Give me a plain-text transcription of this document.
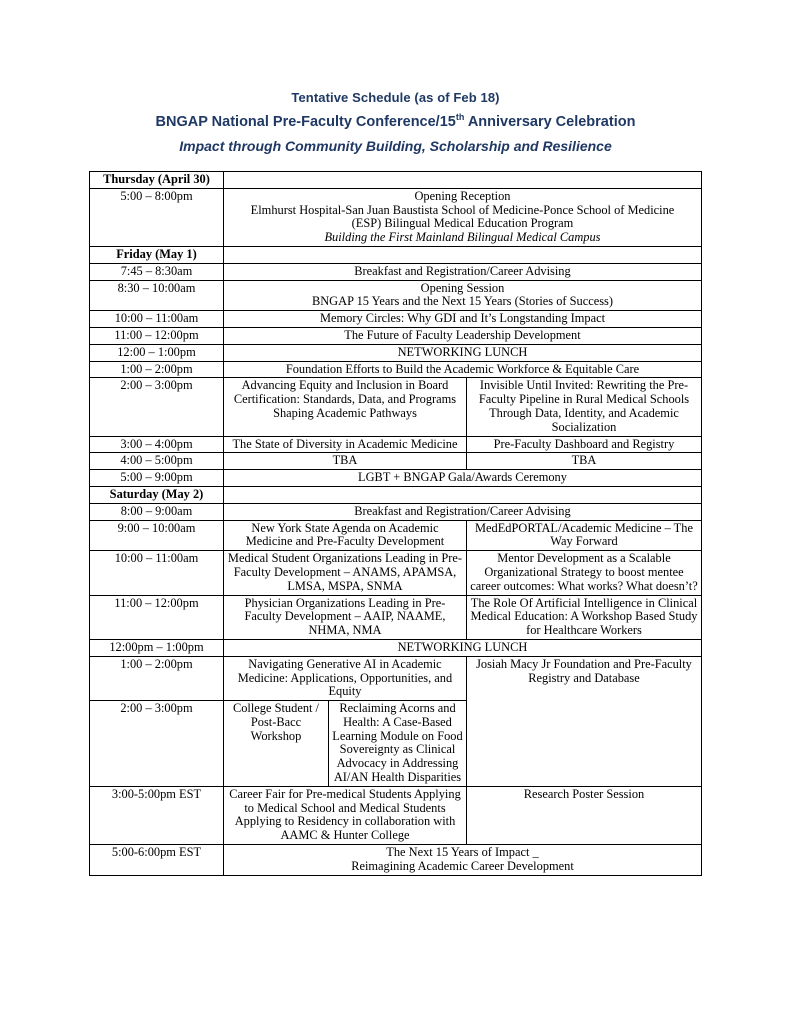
Tentative Schedule (as of Feb 18)
BNGAP National Pre-Faculty Conference/15th Anniversary Celebration
Impact through Community Building, Scholarship and Resilience
Thursday (April 30)			
5:00 – 8:00pm	Opening Reception
Elmhurst Hospital-San Juan Baustista School of Medicine-Ponce School of Medicine
(ESP) Bilingual Medical Education Program
Building the First Mainland Bilingual Medical Campus		

Friday (May 1)			
7:45 – 8:30am	Breakfast and Registration/Career Advising		

8:30 – 10:00am	Opening Session
BNGAP 15 Years and the Next 15 Years (Stories of Success)		

10:00 – 11:00am	Memory Circles: Why GDI and It’s Longstanding Impact		

11:00 – 12:00pm	The Future of Faculty Leadership Development		

12:00 – 1:00pm	NETWORKING LUNCH		

1:00 – 2:00pm	Foundation Efforts to Build the Academic Workforce & Equitable Care		

2:00 – 3:00pm	Advancing Equity and Inclusion in Board Certification: Standards, Data, and Programs Shaping Academic Pathways		Invisible Until Invited: Rewriting the Pre-Faculty Pipeline in Rural Medical Schools Through Data, Identity, and Academic Socialization

3:00 – 4:00pm	The State of Diversity in Academic Medicine		Pre-Faculty Dashboard and Registry

4:00 – 5:00pm	TBA		TBA

5:00 – 9:00pm	LGBT + BNGAP Gala/Awards Ceremony		

Saturday (May 2)			
8:00 – 9:00am	Breakfast and Registration/Career Advising		

9:00 – 10:00am	New York State Agenda on Academic Medicine and Pre-Faculty Development		MedEdPORTAL/Academic Medicine – The Way Forward

10:00 – 11:00am	Medical Student Organizations Leading in Pre-Faculty Development – ANAMS, APAMSA, LMSA, MSPA, SNMA		Mentor Development as a Scalable Organizational Strategy to boost mentee career outcomes: What works? What doesn’t?

11:00 – 12:00pm	Physician Organizations Leading in Pre-Faculty Development – AAIP, NAAME, NHMA, NMA		The Role Of Artificial Intelligence in Clinical Medical Education: A Workshop Based Study for Healthcare Workers

12:00pm – 1:00pm	NETWORKING LUNCH		

1:00 – 2:00pm	Navigating Generative AI in Academic Medicine: Applications, Opportunities, and Equity		Josiah Macy Jr Foundation and Pre-Faculty Registry and Database

2:00 – 3:00pm	College Student / Post-Bacc Workshop	Reclaiming Acorns and Health: A Case-Based Learning Module on Food Sovereignty as Clinical Advocacy in Addressing AI/AN Health Disparities	

3:00-5:00pm EST	Career Fair for Pre-medical Students Applying to Medical School and Medical Students Applying to Residency in collaboration with AAMC & Hunter College		Research Poster Session

5:00-6:00pm EST	The Next 15 Years of Impact _
Reimagining Academic Career Development		
